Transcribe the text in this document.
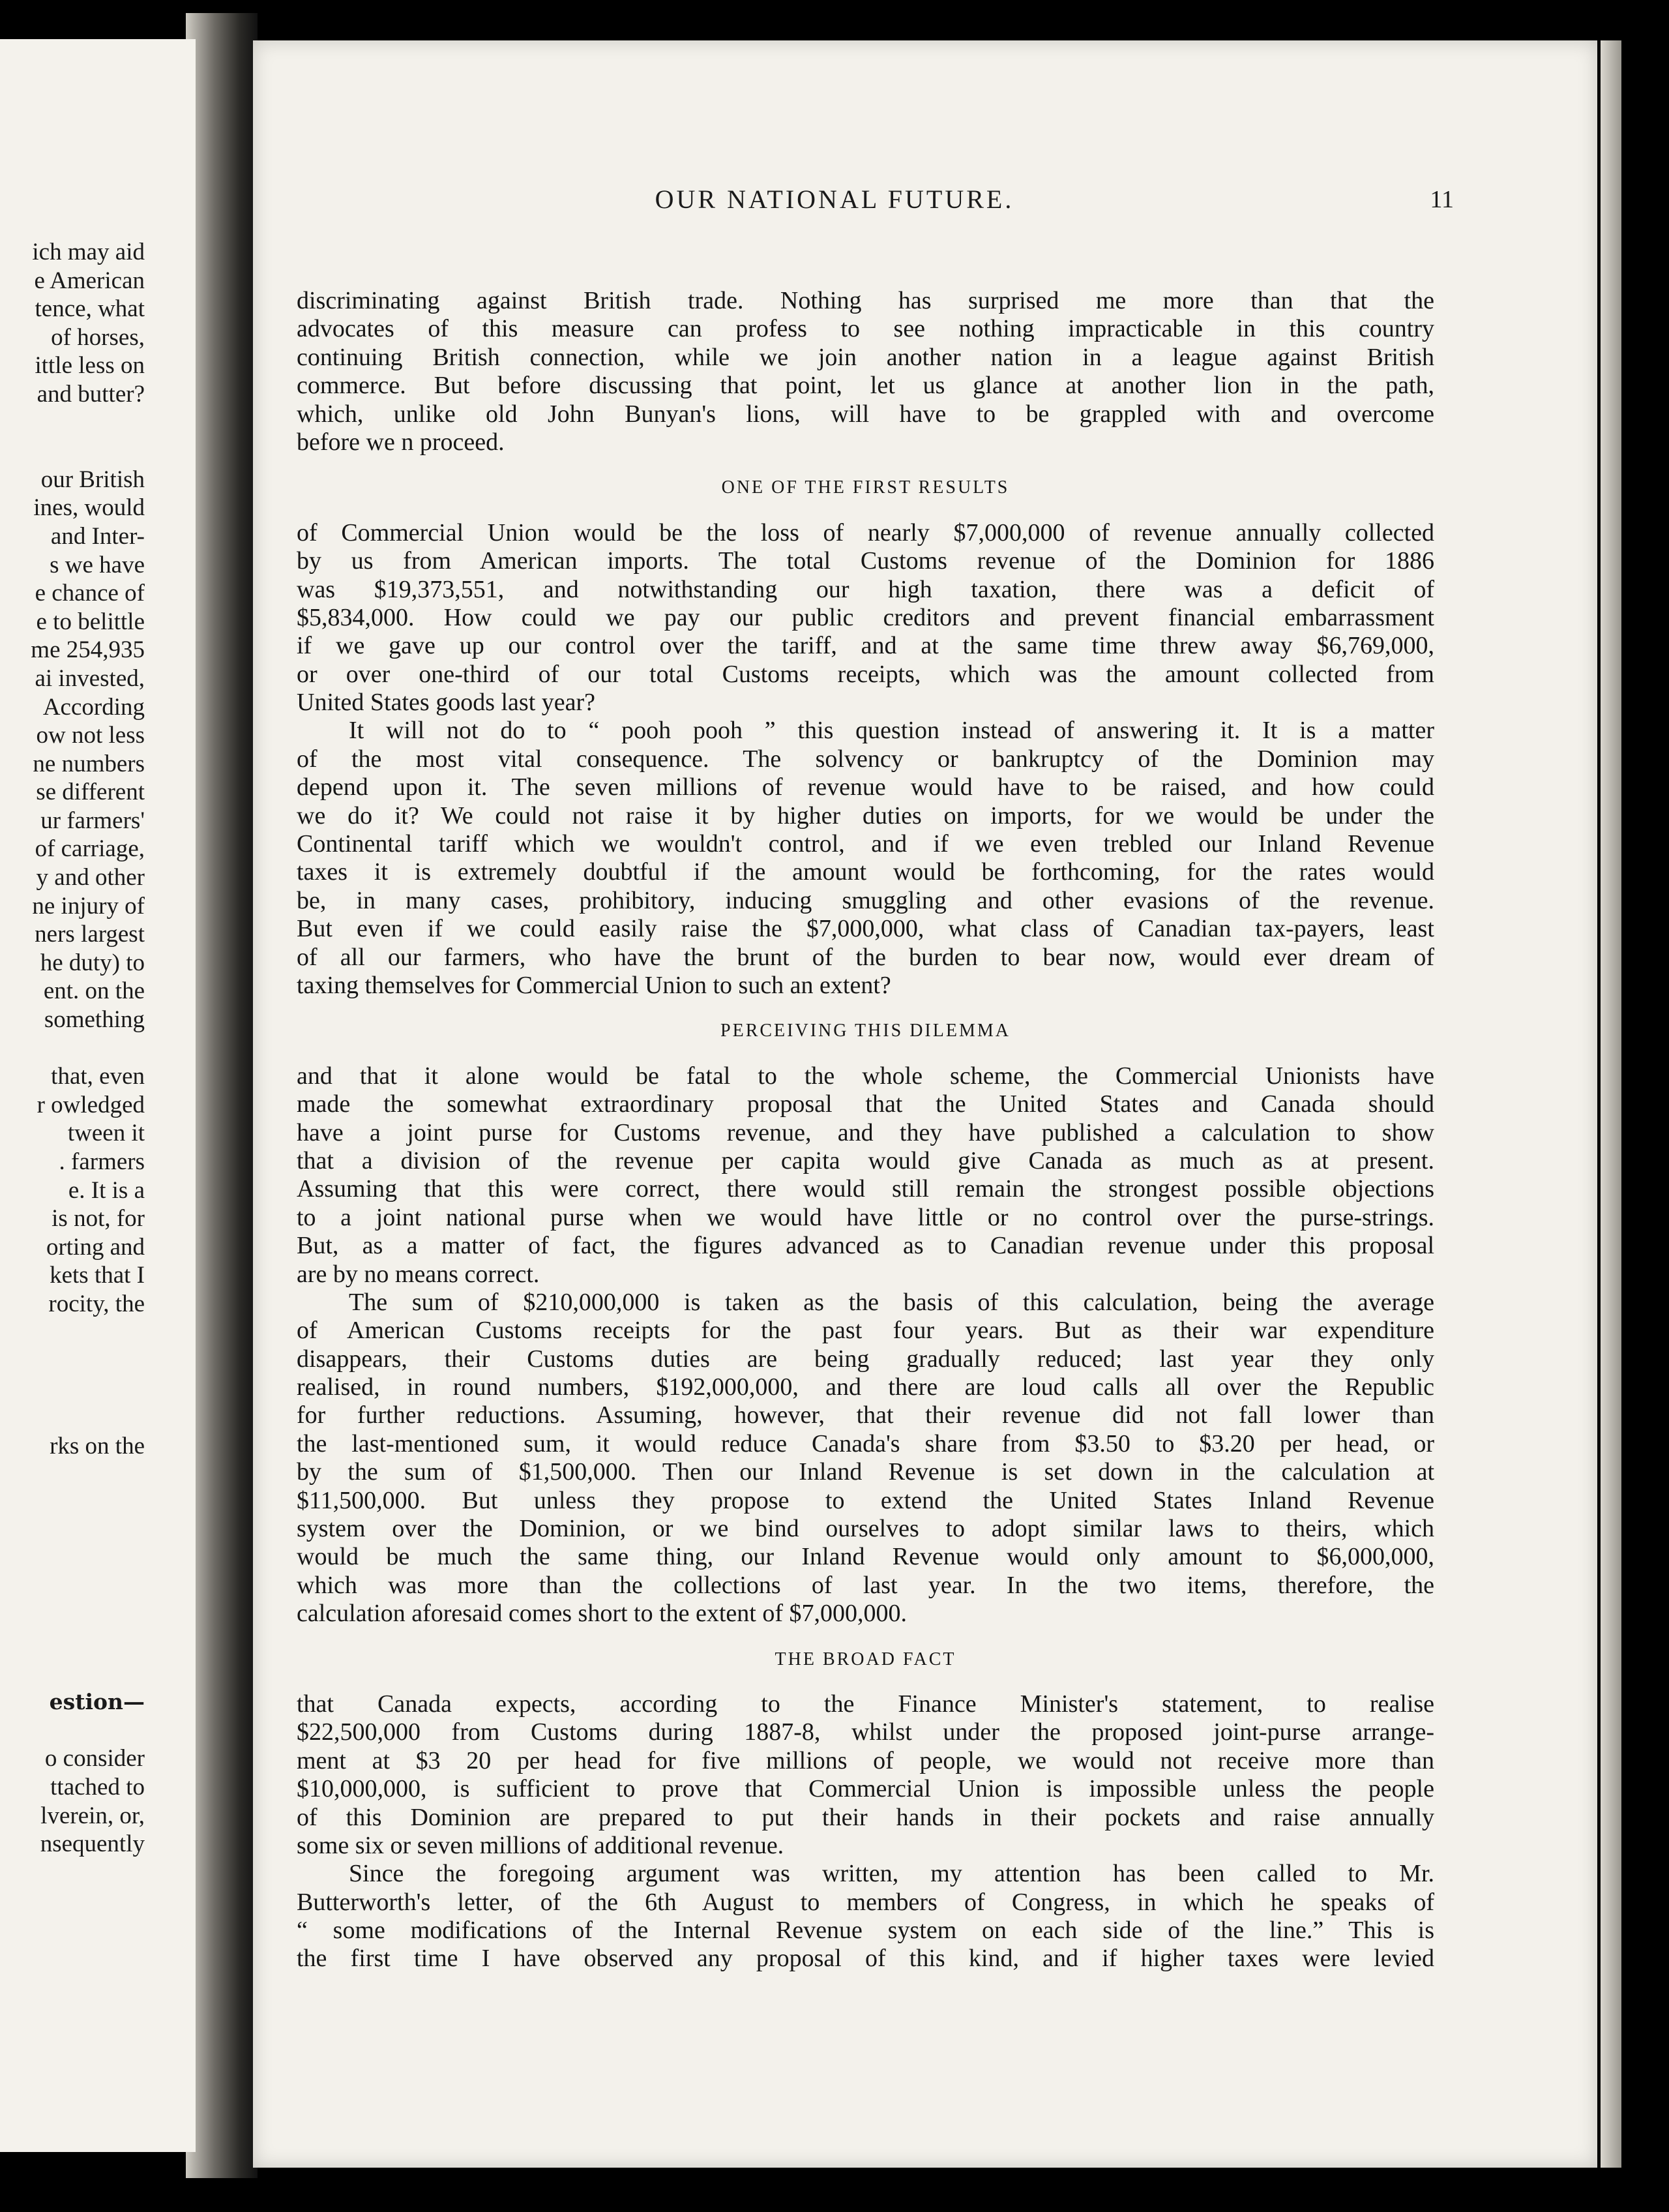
ich may aid
e American
tence, what
of horses,
ittle less on
and butter?
our British
ines, would
and Inter-
s we have
e chance of
e to belittle
me 254,935
ai invested,
According
ow not less
ne numbers
se different
ur farmers'
of carriage,
y and other
ne injury of
ners largest
he duty) to
ent. on the
something
that, even
r owledged
tween it
. farmers
e. It is a
is not, for
orting and
kets that I
rocity, the
rks on the
estion—
o consider
ttached to
lverein, or,
nsequently
OUR NATIONAL FUTURE.	11
discriminating against British trade. Nothing has surprised me more than that the
advocates of this measure can profess to see nothing impracticable in this country
continuing British connection, while we join another nation in a league against British
commerce. But before discussing that point, let us glance at another lion in the path,
which, unlike old John Bunyan's lions, will have to be grappled with and overcome
before we n proceed.
ONE OF THE FIRST RESULTS
of Commercial Union would be the loss of nearly $7,000,000 of revenue annually collected
by us from American imports. The total Customs revenue of the Dominion for 1886
was $19,373,551, and notwithstanding our high taxation, there was a deficit of
$5,834,000. How could we pay our public creditors and prevent financial embarrassment
if we gave up our control over the tariff, and at the same time threw away $6,769,000,
or over one-third of our total Customs receipts, which was the amount collected from
United States goods last year?
It will not do to “ pooh pooh ” this question instead of answering it. It is a matter
of the most vital consequence. The solvency or bankruptcy of the Dominion may
depend upon it. The seven millions of revenue would have to be raised, and how could
we do it? We could not raise it by higher duties on imports, for we would be under the
Continental tariff which we wouldn't control, and if we even trebled our Inland Revenue
taxes it is extremely doubtful if the amount would be forthcoming, for the rates would
be, in many cases, prohibitory, inducing smuggling and other evasions of the revenue.
But even if we could easily raise the $7,000,000, what class of Canadian tax-payers, least
of all our farmers, who have the brunt of the burden to bear now, would ever dream of
taxing themselves for Commercial Union to such an extent?
PERCEIVING THIS DILEMMA
and that it alone would be fatal to the whole scheme, the Commercial Unionists have
made the somewhat extraordinary proposal that the United States and Canada should
have a joint purse for Customs revenue, and they have published a calculation to show
that a division of the revenue per capita would give Canada as much as at present.
Assuming that this were correct, there would still remain the strongest possible objections
to a joint national purse when we would have little or no control over the purse-strings.
But, as a matter of fact, the figures advanced as to Canadian revenue under this proposal
are by no means correct.
The sum of $210,000,000 is taken as the basis of this calculation, being the average
of American Customs receipts for the past four years. But as their war expenditure
disappears, their Customs duties are being gradually reduced; last year they only
realised, in round numbers, $192,000,000, and there are loud calls all over the Republic
for further reductions. Assuming, however, that their revenue did not fall lower than
the last-mentioned sum, it would reduce Canada's share from $3.50 to $3.20 per head, or
by the sum of $1,500,000. Then our Inland Revenue is set down in the calculation at
$11,500,000. But unless they propose to extend the United States Inland Revenue
system over the Dominion, or we bind ourselves to adopt similar laws to theirs, which
would be much the same thing, our Inland Revenue would only amount to $6,000,000,
which was more than the collections of last year. In the two items, therefore, the
calculation aforesaid comes short to the extent of $7,000,000.
THE BROAD FACT
that Canada expects, according to the Finance Minister's statement, to realise
$22,500,000 from Customs during 1887-8, whilst under the proposed joint-purse arrange-
ment at $3 20 per head for five millions of people, we would not receive more than
$10,000,000, is sufficient to prove that Commercial Union is impossible unless the people
of this Dominion are prepared to put their hands in their pockets and raise annually
some six or seven millions of additional revenue.
Since the foregoing argument was written, my attention has been called to Mr.
Butterworth's letter, of the 6th August to members of Congress, in which he speaks of
“ some modifications of the Internal Revenue system on each side of the line.” This is
the first time I have observed any proposal of this kind, and if higher taxes were levied
